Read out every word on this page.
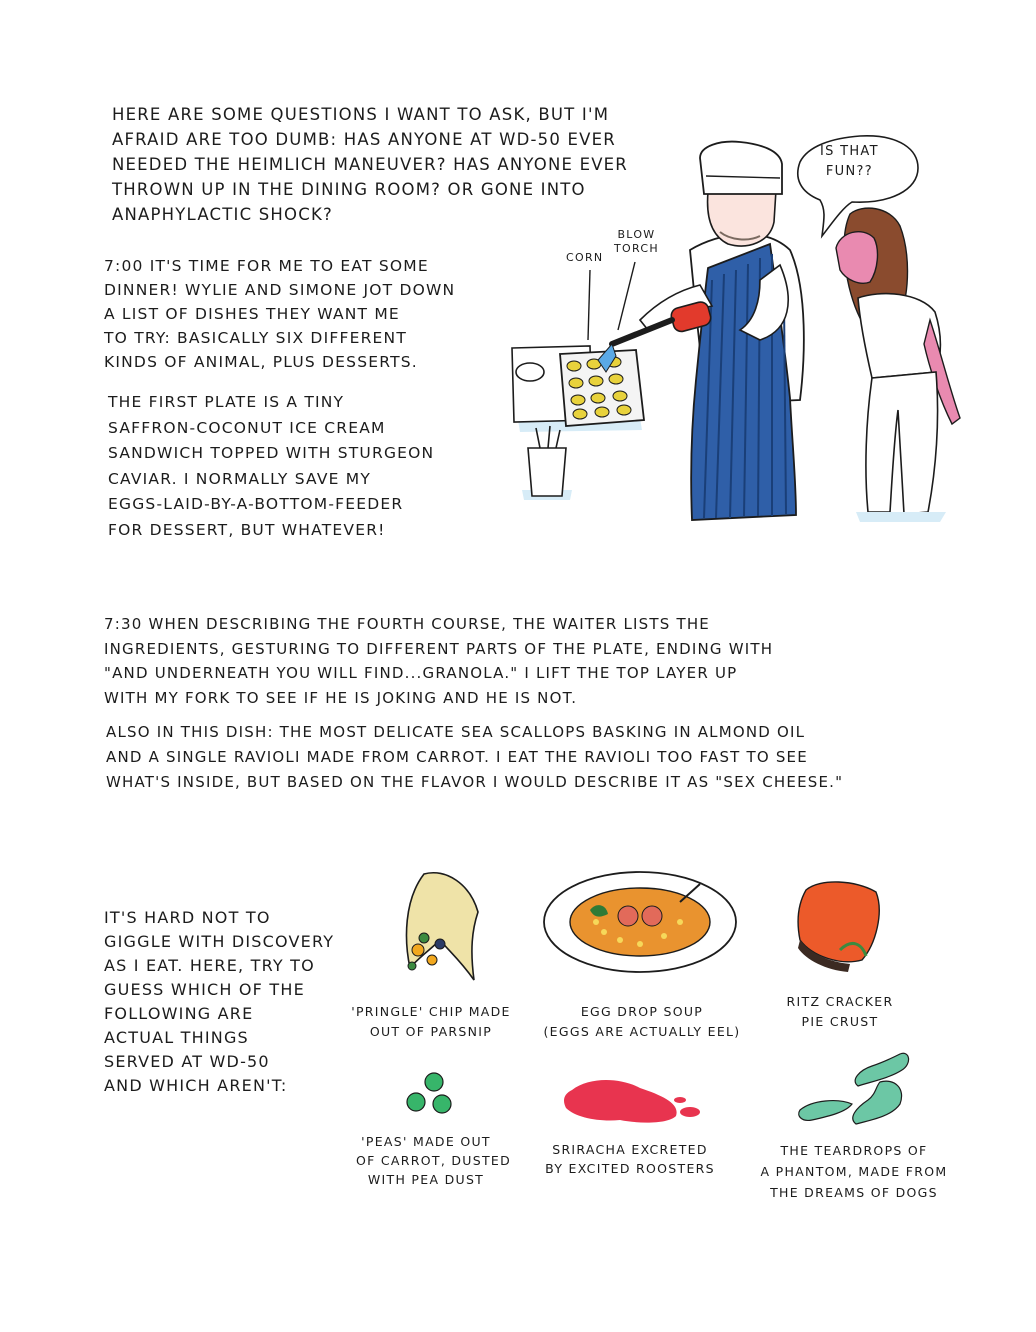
HERE ARE SOME QUESTIONS I WANT TO ASK, BUT I'M
AFRAID ARE TOO DUMB: HAS ANYONE AT WD-50 EVER
NEEDED THE HEIMLICH MANEUVER? HAS ANYONE EVER
THROWN UP IN THE DINING ROOM? OR GONE INTO
ANAPHYLACTIC SHOCK?
7:00 IT'S TIME FOR ME TO EAT SOME
DINNER! WYLIE AND SIMONE JOT DOWN
A LIST OF DISHES THEY WANT ME
TO TRY: BASICALLY SIX DIFFERENT
KINDS OF ANIMAL, PLUS DESSERTS.
THE FIRST PLATE IS A TINY
SAFFRON-COCONUT ICE CREAM
SANDWICH TOPPED WITH STURGEON
CAVIAR. I NORMALLY SAVE MY
EGGS-LAID-BY-A-BOTTOM-FEEDER
FOR DESSERT, BUT WHATEVER!
CORN
BLOW
TORCH
IS THAT
FUN??
7:30 WHEN DESCRIBING THE FOURTH COURSE, THE WAITER LISTS THE
INGREDIENTS, GESTURING TO DIFFERENT PARTS OF THE PLATE, ENDING WITH
"AND UNDERNEATH YOU WILL FIND...GRANOLA." I LIFT THE TOP LAYER UP
WITH MY FORK TO SEE IF HE IS JOKING AND HE IS NOT.
ALSO IN THIS DISH: THE MOST DELICATE SEA SCALLOPS BASKING IN ALMOND OIL
AND A SINGLE RAVIOLI MADE FROM CARROT. I EAT THE RAVIOLI TOO FAST TO SEE
WHAT'S INSIDE, BUT BASED ON THE FLAVOR I WOULD DESCRIBE IT AS "SEX CHEESE."
IT'S HARD NOT TO
GIGGLE WITH DISCOVERY
AS I EAT. HERE, TRY TO
GUESS WHICH OF THE
FOLLOWING ARE
ACTUAL THINGS
SERVED AT WD-50
AND WHICH AREN'T:
'PRINGLE' CHIP MADE
OUT OF PARSNIP
EGG DROP SOUP
(EGGS ARE ACTUALLY EEL)
RITZ CRACKER
PIE CRUST
'PEAS' MADE OUT
OF CARROT, DUSTED
WITH PEA DUST
SRIRACHA EXCRETED
BY EXCITED ROOSTERS
THE TEARDROPS OF
A PHANTOM, MADE FROM
THE DREAMS OF DOGS
